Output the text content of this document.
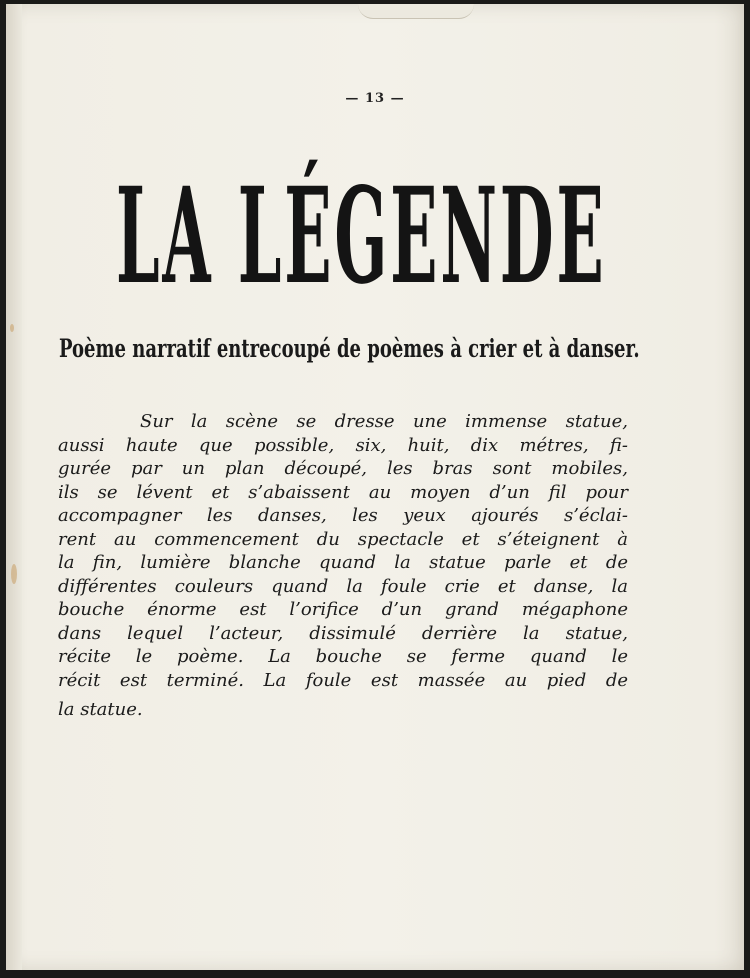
— 13 —
LA LÉGENDE
Poème narratif entrecoupé de poèmes à crier et à danser.

Sur la scène se dresse une immense statue,
aussi haute que possible, six, huit, dix métres, fi-
gurée par un plan découpé, les bras sont mobiles,
ils se lévent et s’abaissent au moyen d’un fil pour
accompagner les danses, les yeux ajourés s’éclai-
rent au commencement du spectacle et s’éteignent à
la fin, lumière blanche quand la statue parle et de
différentes couleurs quand la foule crie et danse, la
bouche énorme est l’orifice d’un grand mégaphone
dans lequel l’acteur, dissimulé derrière la statue,
récite le poème. La bouche se ferme quand le
récit est terminé. La foule est massée au pied de
la statue.
